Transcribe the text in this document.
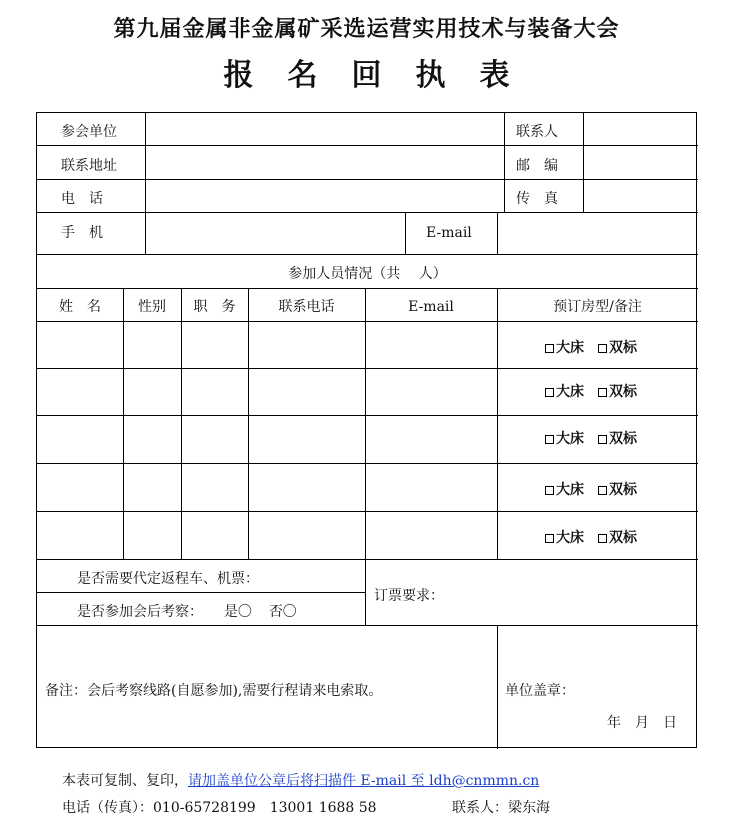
第九届金属非金属矿采选运营实用技术与装备大会
报名回执表
参会单位	联系人
联系地址	邮　编
电　话	传　真
手　机	E-mail
参加人员情况（共　 人）
姓　名	性别	职　务	联系电话	E-mail	预订房型/备注
大床 双标
大床 双标
大床 双标
大床 双标
大床 双标
是否需要代定返程车、机票：
是否参加会后考察： 是〇 否〇
订票要求：
备注：会后考察线路(自愿参加),需要行程请来电索取。	单位盖章：
年　月　日
本表可复制、复印，请加盖单位公章后将扫描件 E-mail 至 ldh@cnmmn.cn
电话（传真）：010-65728199　13001 1688 58	联系人：梁东海
